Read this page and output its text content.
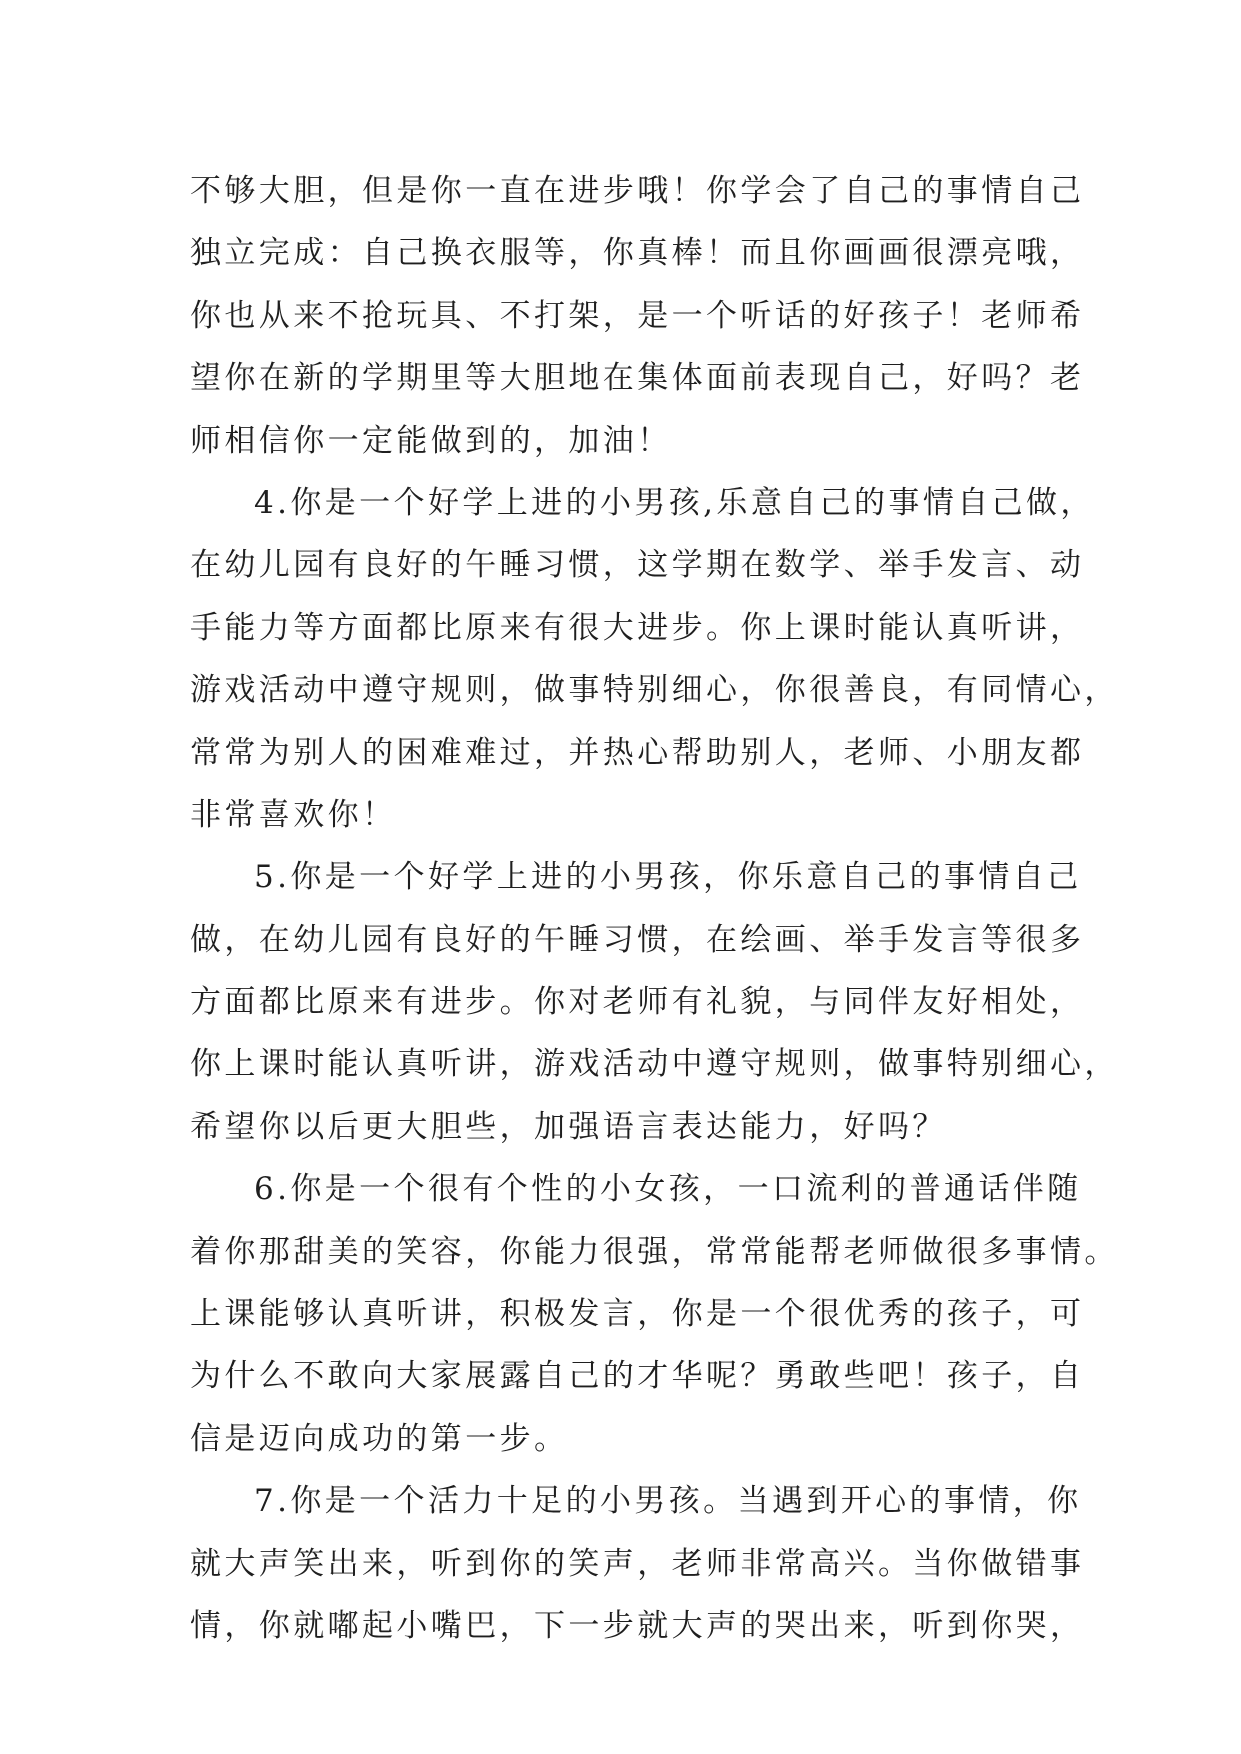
不够大胆，但是你一直在进步哦！你学会了自己的事情自己
独立完成：自己换衣服等，你真棒！而且你画画很漂亮哦，
你也从来不抢玩具、不打架，是一个听话的好孩子！老师希
望你在新的学期里等大胆地在集体面前表现自己，好吗？老
师相信你一定能做到的，加油！
4.你是一个好学上进的小男孩,乐意自己的事情自己做，
在幼儿园有良好的午睡习惯，这学期在数学、举手发言、动
手能力等方面都比原来有很大进步。你上课时能认真听讲，
游戏活动中遵守规则，做事特别细心，你很善良，有同情心，
常常为别人的困难难过，并热心帮助别人，老师、小朋友都
非常喜欢你！
5.你是一个好学上进的小男孩，你乐意自己的事情自己
做，在幼儿园有良好的午睡习惯，在绘画、举手发言等很多
方面都比原来有进步。你对老师有礼貌，与同伴友好相处，
你上课时能认真听讲，游戏活动中遵守规则，做事特别细心，
希望你以后更大胆些，加强语言表达能力，好吗？
6.你是一个很有个性的小女孩，一口流利的普通话伴随
着你那甜美的笑容，你能力很强，常常能帮老师做很多事情。
上课能够认真听讲，积极发言，你是一个很优秀的孩子，可
为什么不敢向大家展露自己的才华呢？勇敢些吧！孩子，自
信是迈向成功的第一步。
7.你是一个活力十足的小男孩。当遇到开心的事情，你
就大声笑出来，听到你的笑声，老师非常高兴。当你做错事
情，你就嘟起小嘴巴，下一步就大声的哭出来，听到你哭，
